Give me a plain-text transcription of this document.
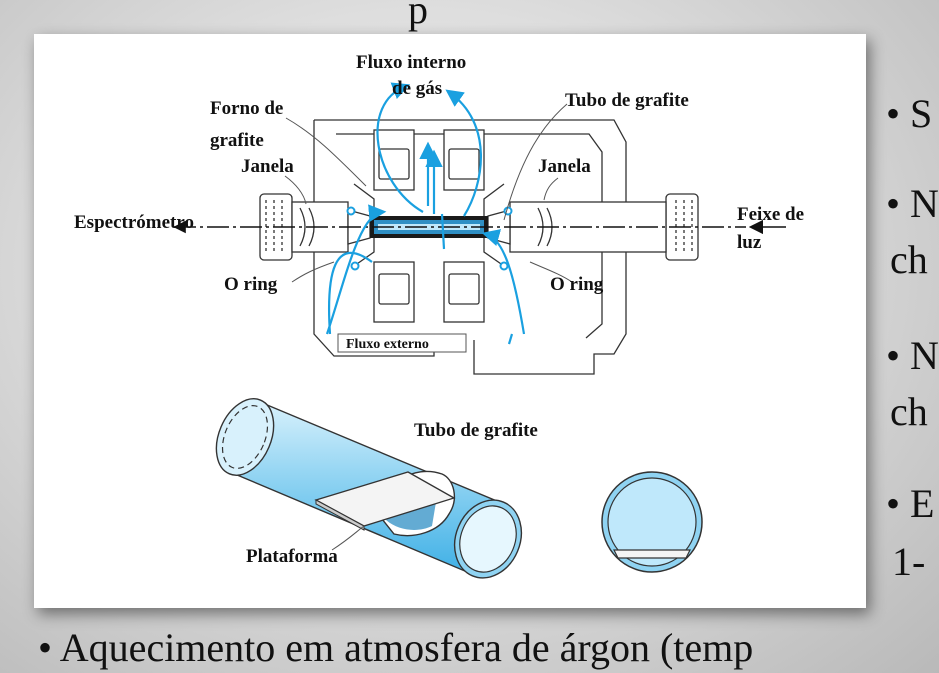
p
Fluxo interno
de gás
Forno de
grafite
Janela
Tubo de grafite
Janela
Espectrómetro	Feixe de
luz
O ring	O ring
Fluxo externo
Tubo de grafite
Plataforma
• S
• N
ch
• N
ch
• E
1-
• Aquecimento em atmosfera de árgon (temp
